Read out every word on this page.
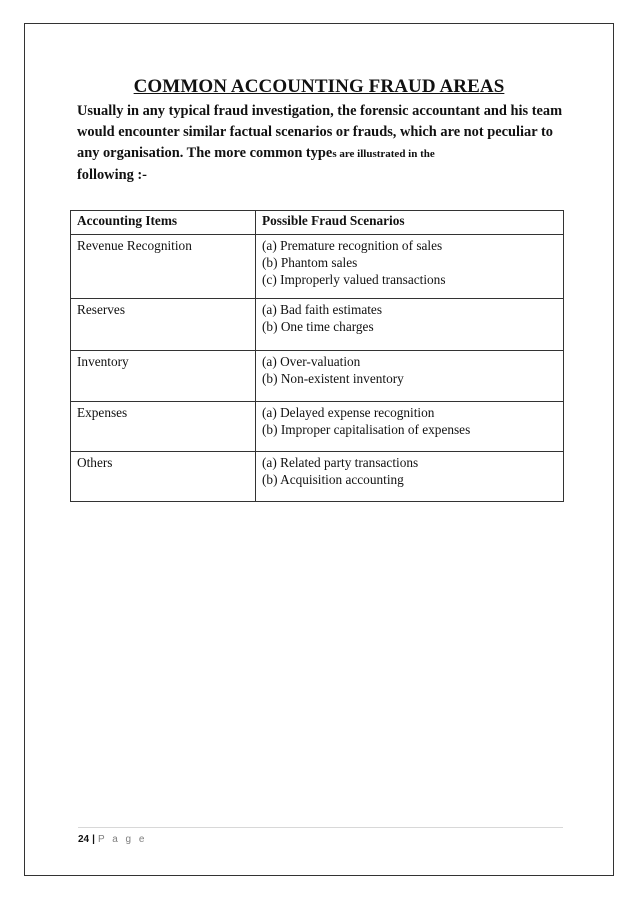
COMMON ACCOUNTING FRAUD AREAS
Usually in any typical fraud investigation, the forensic accountant and his team would encounter similar factual scenarios or frauds, which are not peculiar to any organisation. The more common types are illustrated in the
following :-
Accounting Items	Possible Fraud Scenarios
Revenue Recognition	(a) Premature recognition of sales
(b) Phantom sales
(c) Improperly valued transactions

Reserves	(a) Bad faith estimates
(b) One time charges

Inventory	(a) Over-valuation
(b) Non-existent inventory

Expenses	(a) Delayed expense recognition
(b) Improper capitalisation of expenses

Others	(a) Related party transactions
(b) Acquisition accounting
24 | P a g e
